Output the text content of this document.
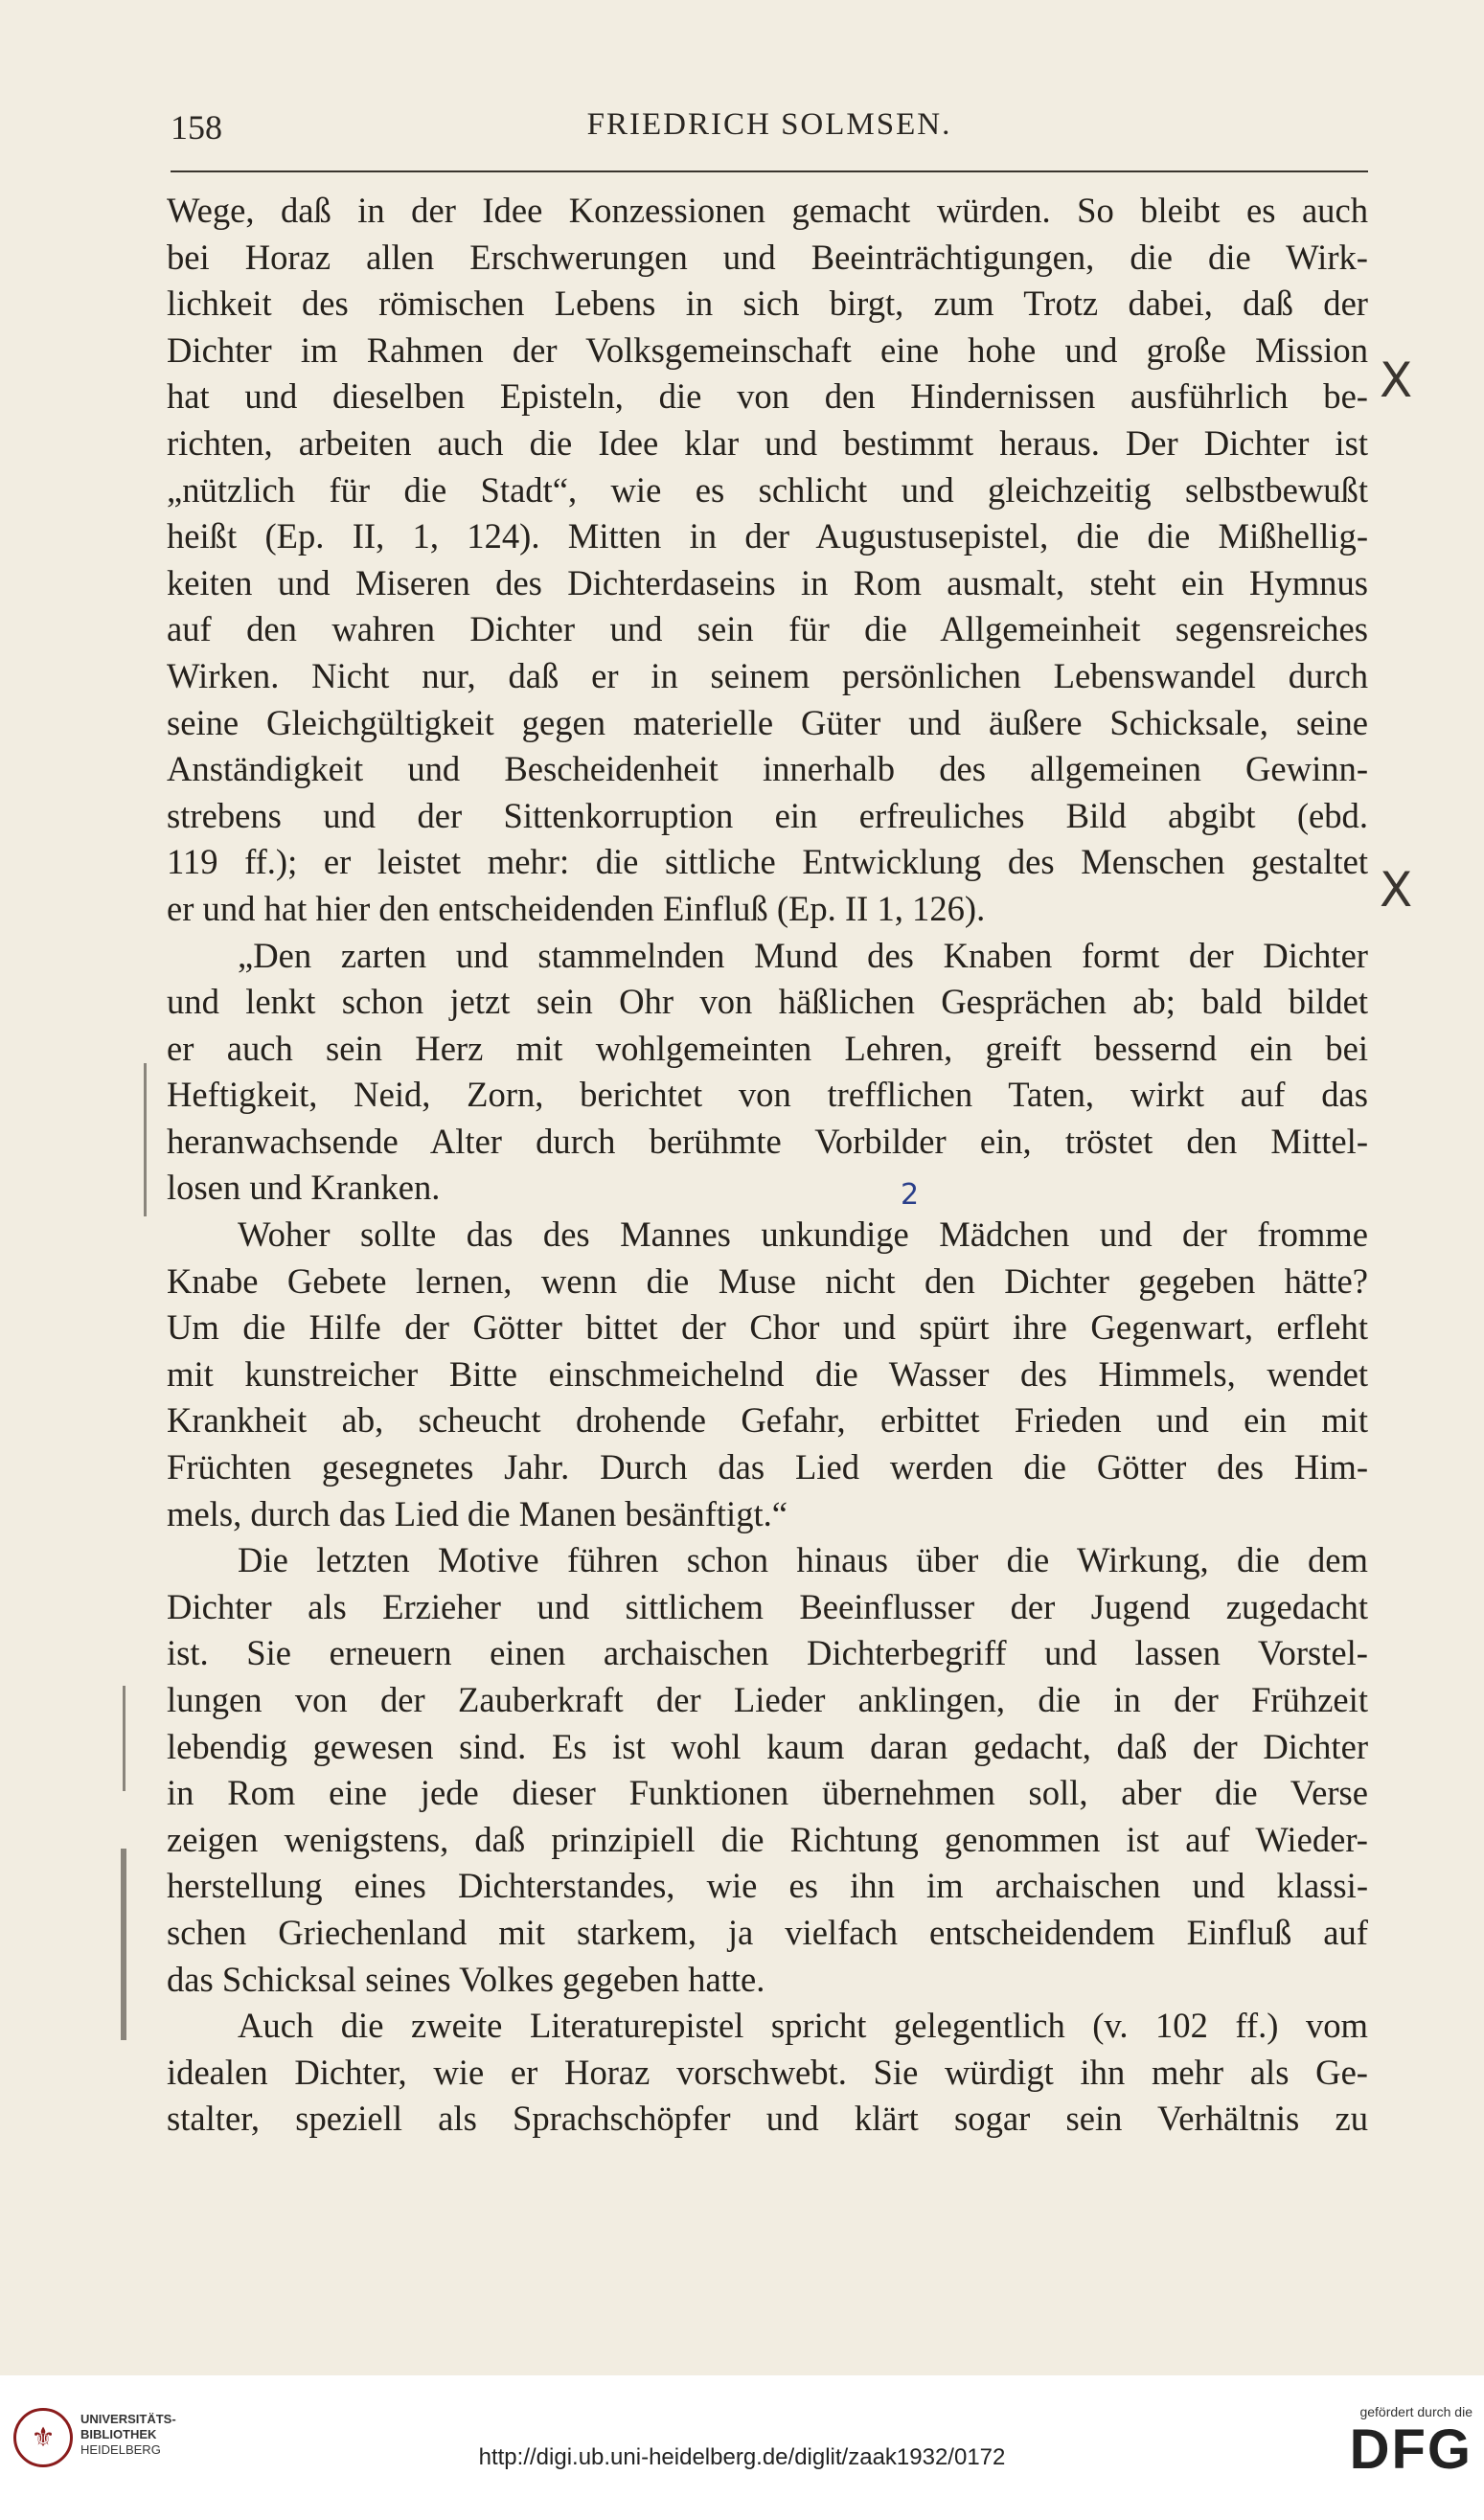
158	FRIEDRICH SOLMSEN.
Wege, daß in der Idee Konzessionen gemacht würden. So bleibt es auch
bei Horaz allen Erschwerungen und Beeinträchtigungen, die die Wirk-
lichkeit des römischen Lebens in sich birgt, zum Trotz dabei, daß der
Dichter im Rahmen der Volksgemeinschaft eine hohe und große Mission
hat und dieselben Episteln, die von den Hindernissen ausführlich be-
richten, arbeiten auch die Idee klar und bestimmt heraus. Der Dichter ist
„nützlich für die Stadt“, wie es schlicht und gleichzeitig selbstbewußt
heißt (Ep. II, 1, 124). Mitten in der Augustusepistel, die die Mißhellig-
keiten und Miseren des Dichterdaseins in Rom ausmalt, steht ein Hymnus
auf den wahren Dichter und sein für die Allgemeinheit segensreiches
Wirken. Nicht nur, daß er in seinem persönlichen Lebenswandel durch
seine Gleichgültigkeit gegen materielle Güter und äußere Schicksale, seine
Anständigkeit und Bescheidenheit innerhalb des allgemeinen Gewinn-
strebens und der Sittenkorruption ein erfreuliches Bild abgibt (ebd.
119 ff.); er leistet mehr: die sittliche Entwicklung des Menschen gestaltet
er und hat hier den entscheidenden Einfluß (Ep. II 1, 126).
„Den zarten und stammelnden Mund des Knaben formt der Dichter
und lenkt schon jetzt sein Ohr von häßlichen Gesprächen ab; bald bildet
er auch sein Herz mit wohlgemeinten Lehren, greift bessernd ein bei
Heftigkeit, Neid, Zorn, berichtet von trefflichen Taten, wirkt auf das
heranwachsende Alter durch berühmte Vorbilder ein, tröstet den Mittel-
losen und Kranken.
Woher sollte das des Mannes unkundige Mädchen und der fromme
Knabe Gebete lernen, wenn die Muse nicht den Dichter gegeben hätte?
Um die Hilfe der Götter bittet der Chor und spürt ihre Gegenwart, erfleht
mit kunstreicher Bitte einschmeichelnd die Wasser des Himmels, wendet
Krankheit ab, scheucht drohende Gefahr, erbittet Frieden und ein mit
Früchten gesegnetes Jahr. Durch das Lied werden die Götter des Him-
mels, durch das Lied die Manen besänftigt.“
Die letzten Motive führen schon hinaus über die Wirkung, die dem
Dichter als Erzieher und sittlichem Beeinflusser der Jugend zugedacht
ist. Sie erneuern einen archaischen Dichterbegriff und lassen Vorstel-
lungen von der Zauberkraft der Lieder anklingen, die in der Frühzeit
lebendig gewesen sind. Es ist wohl kaum daran gedacht, daß der Dichter
in Rom eine jede dieser Funktionen übernehmen soll, aber die Verse
zeigen wenigstens, daß prinzipiell die Richtung genommen ist auf Wieder-
herstellung eines Dichterstandes, wie es ihn im archaischen und klassi-
schen Griechenland mit starkem, ja vielfach entscheidendem Einfluß auf
das Schicksal seines Volkes gegeben hatte.
Auch die zweite Literaturepistel spricht gelegentlich (v. 102 ff.) vom
idealen Dichter, wie er Horaz vorschwebt. Sie würdigt ihn mehr als Ge-
stalter, speziell als Sprachschöpfer und klärt sogar sein Verhältnis zu
X
X
2
⚜
UNIVERSITÄTS-
BIBLIOTHEK
HEIDELBERG	http://digi.ub.uni-heidelberg.de/diglit/zaak1932/0172
gefördert durch die
DFG
